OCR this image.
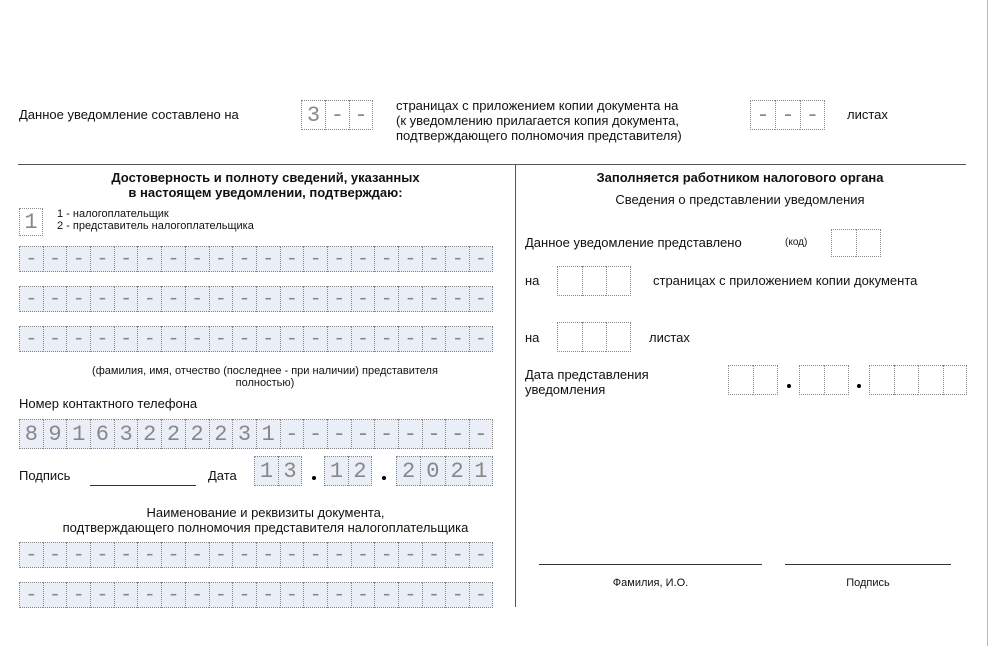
Данное уведомление составлено на	3 - -	страницах с приложением копии документа на
(к уведомлению прилагается копия документа,
подтверждающего полномочия представителя)
- - -	листах
Достоверность и полноту сведений, указанных
в настоящем уведомлении, подтверждаю:
1	1 - налогоплательщик
2 - представитель налогоплательщика
- - - - - - - - - - - - - - - - - - - -
- - - - - - - - - - - - - - - - - - - -
- - - - - - - - - - - - - - - - - - - -
(фамилия, имя, отчество (последнее - при наличии) представителя
полностью)
Номер контактного телефона
8 9 1 6 3 2 2 2 2 3 1 - - - - - - - - -
Подпись	Дата 1 3 1 2 2 0 2 1
Наименование и реквизиты документа,
подтверждающего полномочия представителя налогоплательщика
- - - - - - - - - - - - - - - - - - - -
- - - - - - - - - - - - - - - - - - - -
Заполняется работником налогового органа
Сведения о представлении уведомления
Данное уведомление представлено	(код)
на	страницах с приложением копии документа
на	листах
Дата представления
уведомления
Фамилия, И.О.	Подпись
